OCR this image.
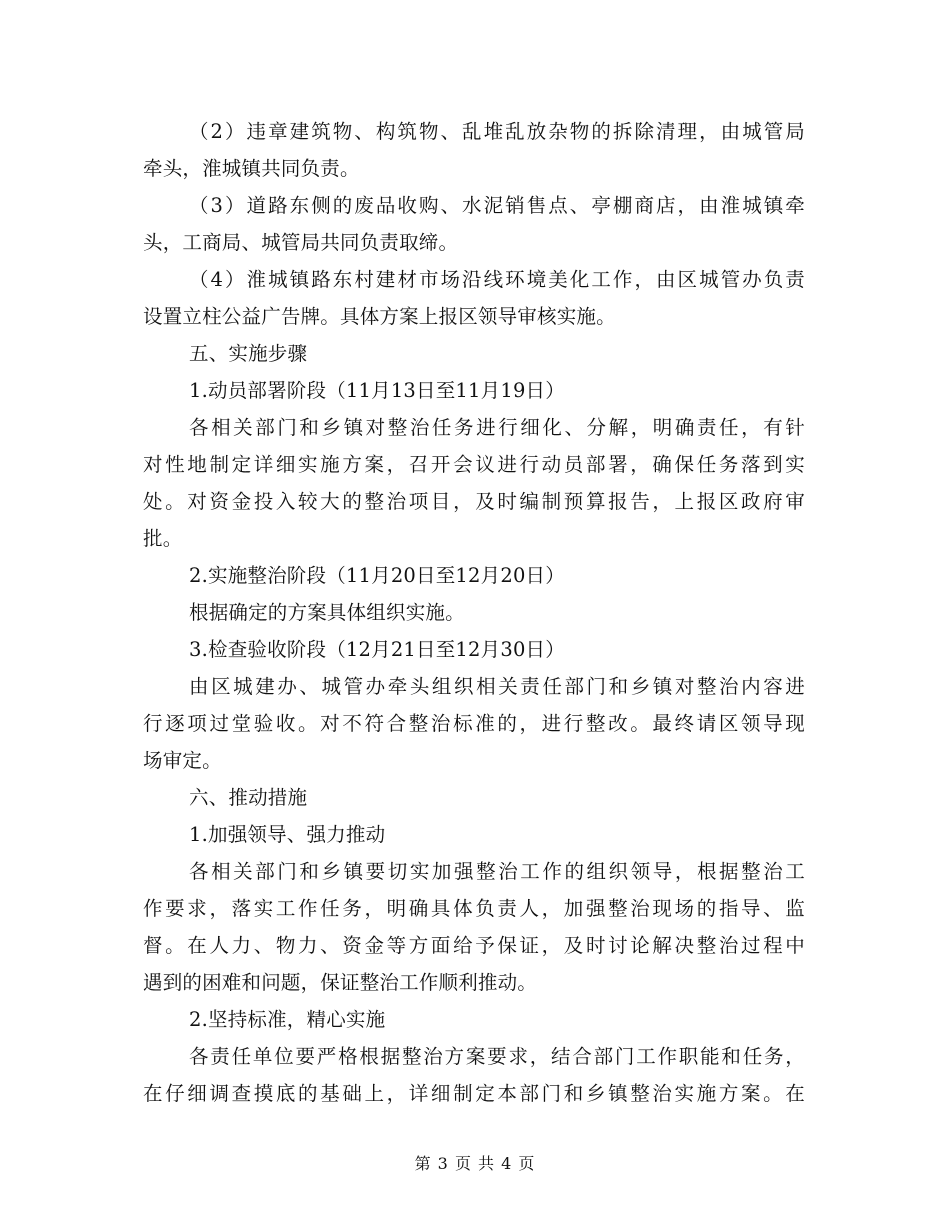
（2）违章建筑物、构筑物、乱堆乱放杂物的拆除清理，由城管局
牵头，淮城镇共同负责。
（3）道路东侧的废品收购、水泥销售点、亭棚商店，由淮城镇牵
头，工商局、城管局共同负责取缔。
（4）淮城镇路东村建材市场沿线环境美化工作，由区城管办负责
设置立柱公益广告牌。具体方案上报区领导审核实施。
五、实施步骤
1.动员部署阶段（11月13日至11月19日）
各相关部门和乡镇对整治任务进行细化、分解，明确责任，有针
对性地制定详细实施方案，召开会议进行动员部署，确保任务落到实
处。对资金投入较大的整治项目，及时编制预算报告，上报区政府审
批。
2.实施整治阶段（11月20日至12月20日）
根据确定的方案具体组织实施。
3.检查验收阶段（12月21日至12月30日）
由区城建办、城管办牵头组织相关责任部门和乡镇对整治内容进
行逐项过堂验收。对不符合整治标准的，进行整改。最终请区领导现
场审定。
六、推动措施
1.加强领导、强力推动
各相关部门和乡镇要切实加强整治工作的组织领导，根据整治工
作要求，落实工作任务，明确具体负责人，加强整治现场的指导、监
督。在人力、物力、资金等方面给予保证，及时讨论解决整治过程中
遇到的困难和问题，保证整治工作顺利推动。
2.坚持标准，精心实施
各责任单位要严格根据整治方案要求，结合部门工作职能和任务，
在仔细调查摸底的基础上，详细制定本部门和乡镇整治实施方案。在
第 3 页 共 4 页
